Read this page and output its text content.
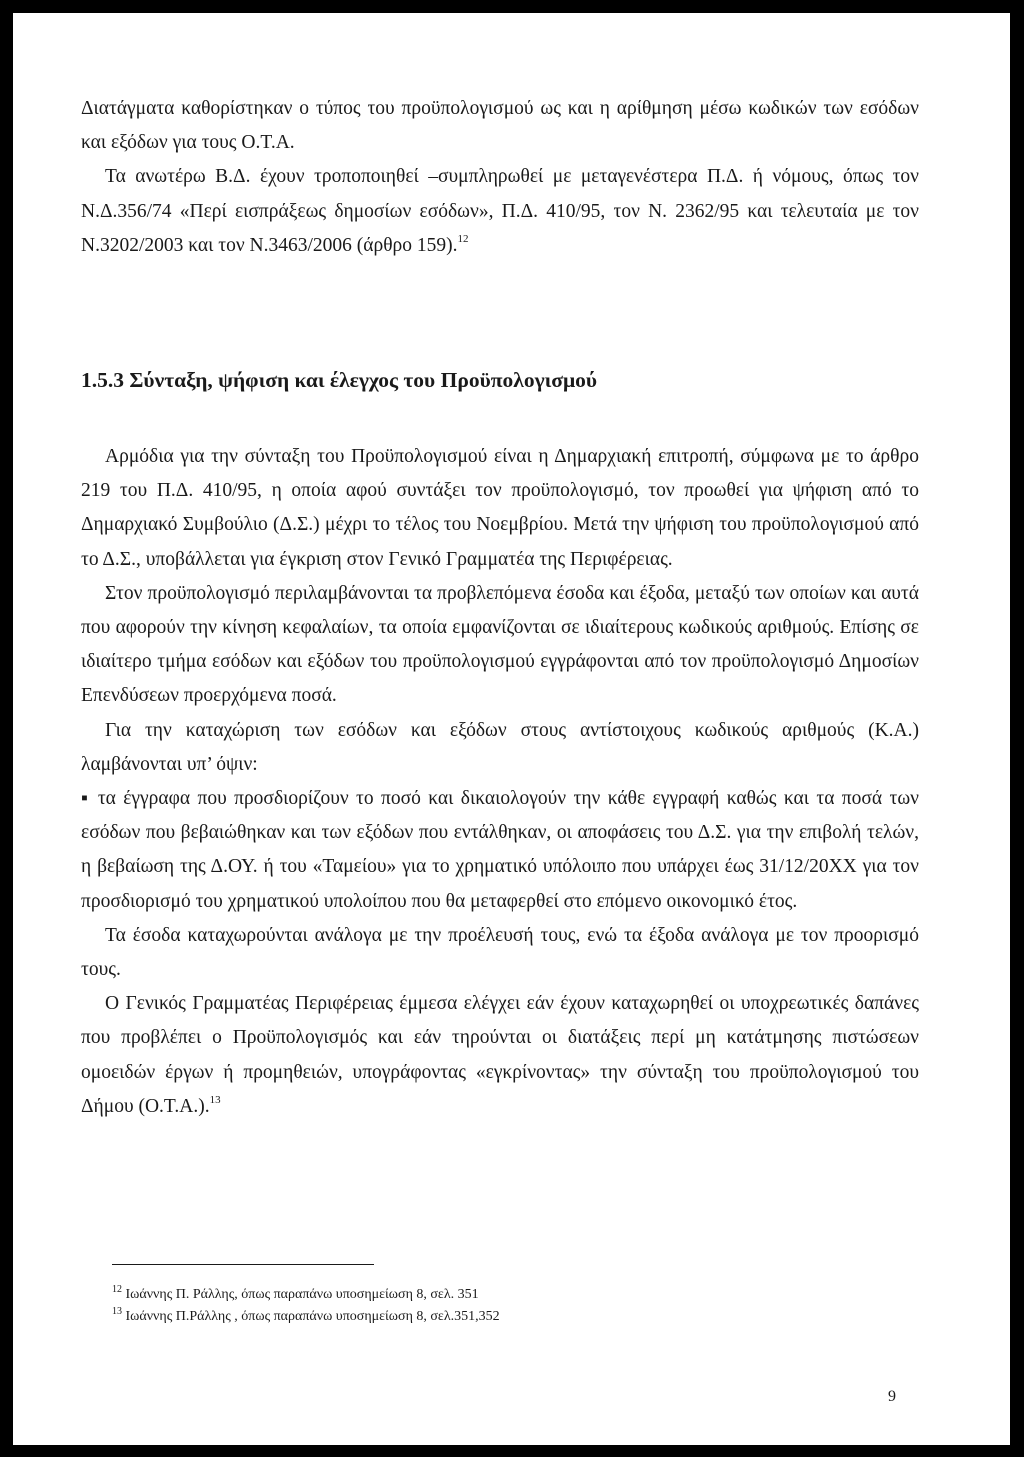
Διατάγματα καθορίστηκαν ο τύπος του προϋπολογισμού ως και η αρίθμηση μέσω κωδικών των εσόδων και εξόδων για τους Ο.Τ.Α.

Τα ανωτέρω Β.Δ. έχουν τροποποιηθεί –συμπληρωθεί με μεταγενέστερα Π.Δ. ή νόμους, όπως τον Ν.Δ.356/74 «Περί εισπράξεως δημοσίων εσόδων», Π.Δ. 410/95, τον Ν. 2362/95 και τελευταία με τον Ν.3202/2003 και τον Ν.3463/2006 (άρθρο 159).$^{12}$

1.5.3 Σύνταξη, ψήφιση και έλεγχος του Προϋπολογισμού

Αρμόδια για την σύνταξη του Προϋπολογισμού είναι η Δημαρχιακή επιτροπή, σύμφωνα με το άρθρο 219 του Π.Δ. 410/95, η οποία αφού συντάξει τον προϋπολογισμό, τον προωθεί για ψήφιση από το Δημαρχιακό Συμβούλιο (Δ.Σ.) μέχρι το τέλος του Νοεμβρίου. Μετά την ψήφιση του προϋπολογισμού από το Δ.Σ., υποβάλλεται για έγκριση στον Γενικό Γραμματέα της Περιφέρειας.

Στον προϋπολογισμό περιλαμβάνονται τα προβλεπόμενα έσοδα και έξοδα, μεταξύ των οποίων και αυτά που αφορούν την κίνηση κεφαλαίων, τα οποία εμφανίζονται σε ιδιαίτερους κωδικούς αριθμούς. Επίσης σε ιδιαίτερο τμήμα εσόδων και εξόδων του προϋπολογισμού εγγράφονται από τον προϋπολογισμό Δημοσίων Επενδύσεων προερχόμενα ποσά.

Για την καταχώριση των εσόδων και εξόδων στους αντίστοιχους κωδικούς αριθμούς (Κ.Α.) λαμβάνονται υπ’ όψιν:

▪ τα έγγραφα που προσδιορίζουν το ποσό και δικαιολογούν την κάθε εγγραφή καθώς και τα ποσά των εσόδων που βεβαιώθηκαν και των εξόδων που εντάλθηκαν, οι αποφάσεις του Δ.Σ. για την επιβολή τελών, η βεβαίωση της Δ.ΟΥ. ή του «Ταμείου» για το χρηματικό υπόλοιπο που υπάρχει έως 31/12/20ΧΧ για τον προσδιορισμό του χρηματικού υπολοίπου που θα μεταφερθεί στο επόμενο οικονομικό έτος.

Τα έσοδα καταχωρούνται ανάλογα με την προέλευσή τους, ενώ τα έξοδα ανάλογα με τον προορισμό τους.

Ο Γενικός Γραμματέας Περιφέρειας έμμεσα ελέγχει εάν έχουν καταχωρηθεί οι υποχρεωτικές δαπάνες που προβλέπει ο Προϋπολογισμός και εάν τηρούνται οι διατάξεις περί μη κατάτμησης πιστώσεων ομοειδών έργων ή προμηθειών, υπογράφοντας «εγκρίνοντας» την σύνταξη του προϋπολογισμού του Δήμου (Ο.Τ.Α.).$^{13}$

$^{12}$ Ιωάννης Π. Ράλλης, όπως παραπάνω υποσημείωση 8, σελ. 351

$^{13}$ Ιωάννης Π.Ράλλης , όπως παραπάνω υποσημείωση 8, σελ.351,352

9
